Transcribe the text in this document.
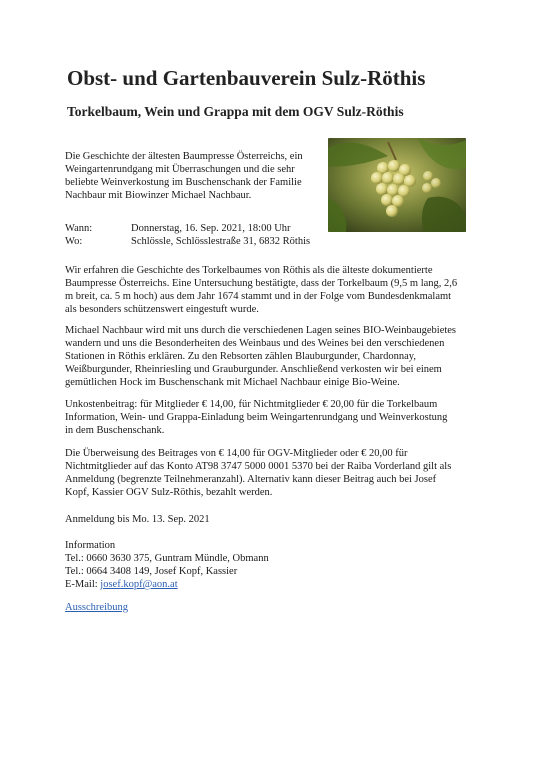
Obst- und Gartenbauverein Sulz-Röthis
Torkelbaum, Wein und Grappa mit dem OGV Sulz-Röthis

Die Geschichte der ältesten Baumpresse Österreichs, ein
Weingartenrundgang mit Überraschungen und die sehr
beliebte Weinverkostung im Buschenschank der Familie
Nachbaur mit Biowinzer Michael Nachbaur.

Wann:	Donnerstag, 16. Sep. 2021, 18:00 Uhr
Wo:	Schlössle, Schlösslestraße 31, 6832 Röthis

Wir erfahren die Geschichte des Torkelbaumes von Röthis als die älteste dokumentierte
Baumpresse Österreichs. Eine Untersuchung bestätigte, dass der Torkelbaum (9,5 m lang, 2,6
m breit, ca. 5 m hoch) aus dem Jahr 1674 stammt und in der Folge vom Bundesdenkmalamt
als besonders schützenswert eingestuft wurde.

Michael Nachbaur wird mit uns durch die verschiedenen Lagen seines BIO-Weinbaugebietes
wandern und uns die Besonderheiten des Weinbaus und des Weines bei den verschiedenen
Stationen in Röthis erklären. Zu den Rebsorten zählen Blauburgunder, Chardonnay,
Weißburgunder, Rheinriesling und Grauburgunder. Anschließend verkosten wir bei einem
gemütlichen Hock im Buschenschank mit Michael Nachbaur einige Bio-Weine.

Unkostenbeitrag: für Mitglieder € 14,00, für Nichtmitglieder € 20,00 für die Torkelbaum
Information, Wein- und Grappa-Einladung beim Weingartenrundgang und Weinverkostung
in dem Buschenschank.

Die Überweisung des Beitrages von € 14,00 für OGV-Mitglieder oder € 20,00 für
Nichtmitglieder auf das Konto AT98 3747 5000 0001 5370 bei der Raiba Vorderland gilt als
Anmeldung (begrenzte Teilnehmeranzahl). Alternativ kann dieser Beitrag auch bei Josef
Kopf, Kassier OGV Sulz-Röthis, bezahlt werden.

Anmeldung bis Mo. 13. Sep. 2021

Information
Tel.: 0660 3630 375, Guntram Mündle, Obmann
Tel.: 0664 3408 149, Josef Kopf, Kassier
E-Mail: josef.kopf@aon.at

Ausschreibung
